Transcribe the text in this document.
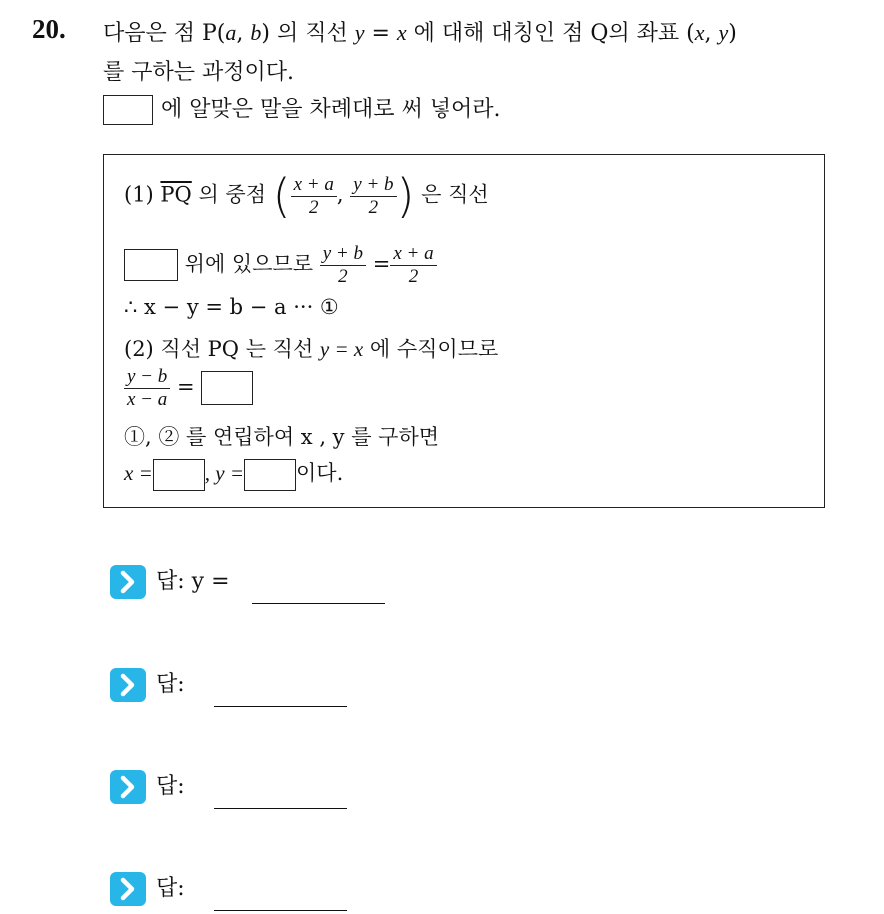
20. 다음은 점 P(a, b) 의 직선 y = x 에 대해 대칭인 점 Q의 좌표 (x, y)
를 구하는 과정이다.
에 알맞은 말을 차례대로 써 넣어라.
(1) $\overline{PQ}$ 의 중점 ( $\frac{x + a}{2}$ , $\frac{y + b}{2}$ ) 은 직선
위에 있으므로 $\frac{y + b}{2} = \frac{x + a}{2}$
∴ x − y = b − a ··· ①
(2) 직선 PQ 는 직선 y = x 에 수직이므로
$\frac{y - b}{x - a}$ =
①, ② 를 연립하여 x , y 를 구하면
x = , y = 이다.
답: y =
답:
답:
답:
